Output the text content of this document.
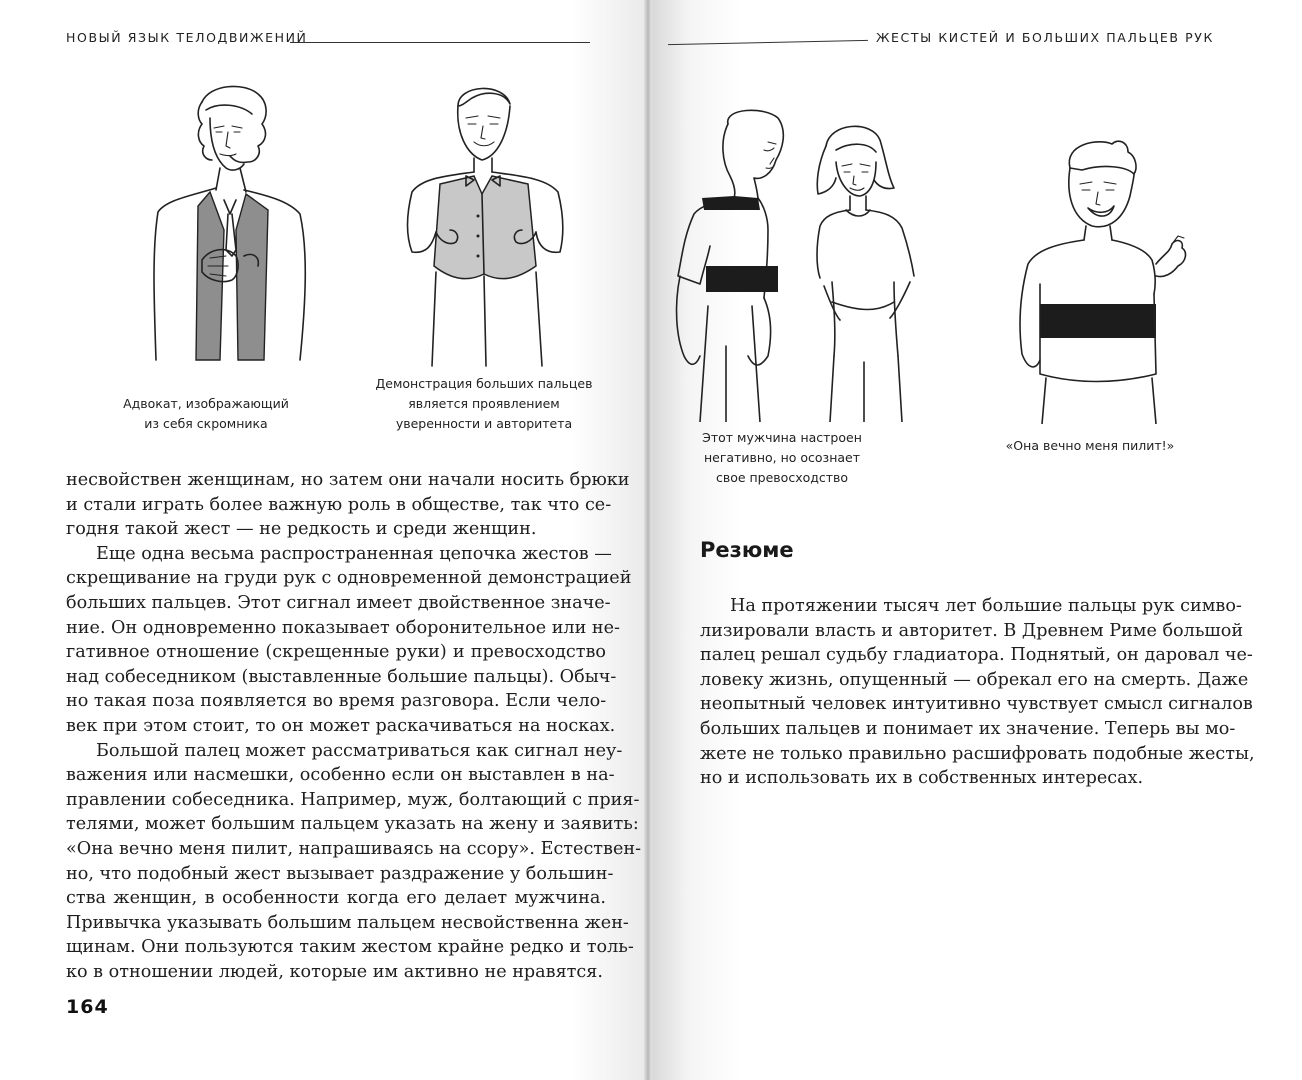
НОВЫЙ ЯЗЫК ТЕЛОДВИЖЕНИЙ	ЖЕСТЫ КИСТЕЙ И БОЛЬШИХ ПАЛЬЦЕВ РУК
Адвокат, изображающий
из себя скромника
Демонстрация больших пальцев
является проявлением
уверенности и авторитета

несвойствен женщинам, но затем они начали носить брюки
и стали играть более важную роль в обществе, так что се-
годня такой жест — не редкость и среди женщин.

Еще одна весьма распространенная цепочка жестов —
скрещивание на груди рук с одновременной демонстрацией
больших пальцев. Этот сигнал имеет двойственное значе-
ние. Он одновременно показывает оборонительное или не-
гативное отношение (скрещенные руки) и превосходство
над собеседником (выставленные большие пальцы). Обыч-
но такая поза появляется во время разговора. Если чело-
век при этом стоит, то он может раскачиваться на носках.

Большой палец может рассматриваться как сигнал неу-
важения или насмешки, особенно если он выставлен в на-
правлении собеседника. Например, муж, болтающий с прия-
телями, может большим пальцем указать на жену и заявить:
«Она вечно меня пилит, напрашиваясь на ссору». Естествен-
но, что подобный жест вызывает раздражение у большин-
ства женщин, в особенности когда его делает мужчина.
Привычка указывать большим пальцем несвойственна жен-
щинам. Они пользуются таким жестом крайне редко и толь-
ко в отношении людей, которые им активно не нравятся.

164
Этот мужчина настроен
негативно, но осознает
свое превосходство
«Она вечно меня пилит!»
Резюме

На протяжении тысяч лет большие пальцы рук симво-
лизировали власть и авторитет. В Древнем Риме большой
палец решал судьбу гладиатора. Поднятый, он даровал че-
ловеку жизнь, опущенный — обрекал его на смерть. Даже
неопытный человек интуитивно чувствует смысл сигналов
больших пальцев и понимает их значение. Теперь вы мо-
жете не только правильно расшифровать подобные жесты,
но и использовать их в собственных интересах.
